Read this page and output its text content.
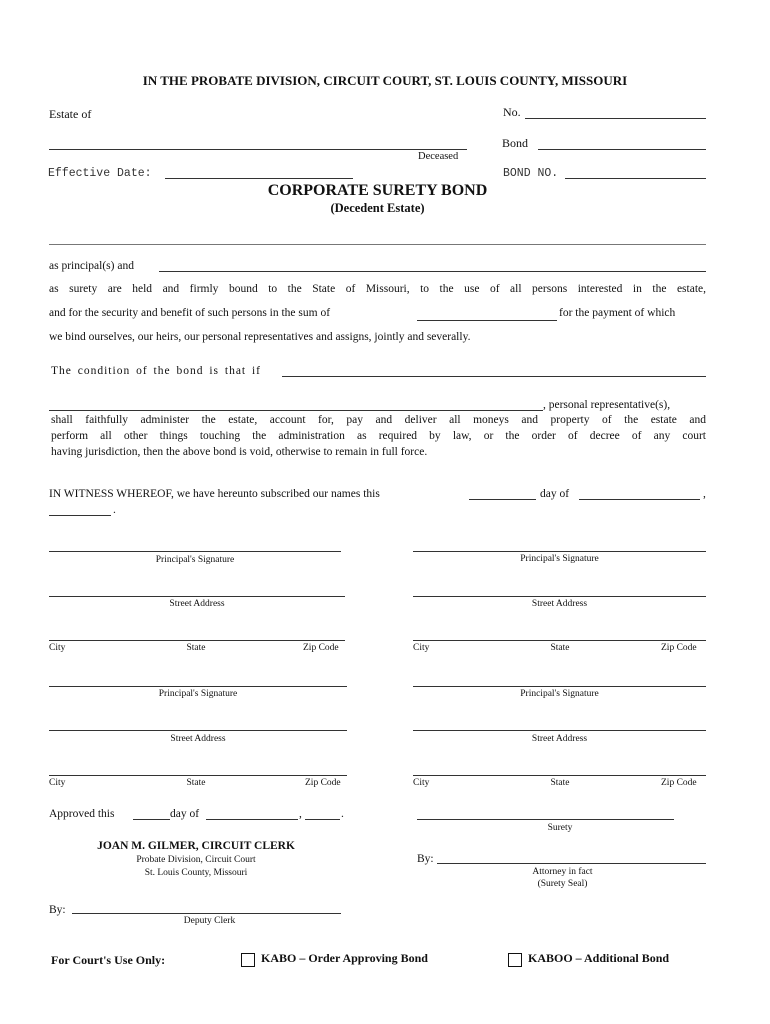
IN THE PROBATE DIVISION, CIRCUIT COURT, ST. LOUIS COUNTY, MISSOURI
Estate of
Deceased
Effective Date:
No.
Bond
BOND NO.
CORPORATE SURETY BOND
(Decedent Estate)
as principal(s) and
as surety are held and firmly bound to the State of Missouri, to the use of all persons interested in the estate,
and for the security and benefit of such persons in the sum of	for the payment of which
we bind ourselves, our heirs, our personal representatives and assigns, jointly and severally.
The condition of the bond is that if
, personal representative(s),
shall faithfully administer the estate, account for, pay and deliver all moneys and property of the estate and
perform all other things touching the administration as required by law, or the order of decree of any court
having jurisdiction, then the above bond is void, otherwise to remain in full force.
IN WITNESS WHEREOF, we have hereunto subscribed our names this	day of	,
.
Principal's Signature
Street Address
City	State	Zip Code
Principal's Signature
Street Address
City	State	Zip Code
Principal's Signature
Street Address
City	State	Zip Code
Principal's Signature
Street Address
City	State	Zip Code
Approved this	day of	,	.
JOAN M. GILMER, CIRCUIT CLERK
Probate Division, Circuit Court
St. Louis County, Missouri
By:
Deputy Clerk
Surety
By:
Attorney in fact
(Surety Seal)
For Court's Use Only:	KABO – Order Approving Bond	KABOO – Additional Bond
